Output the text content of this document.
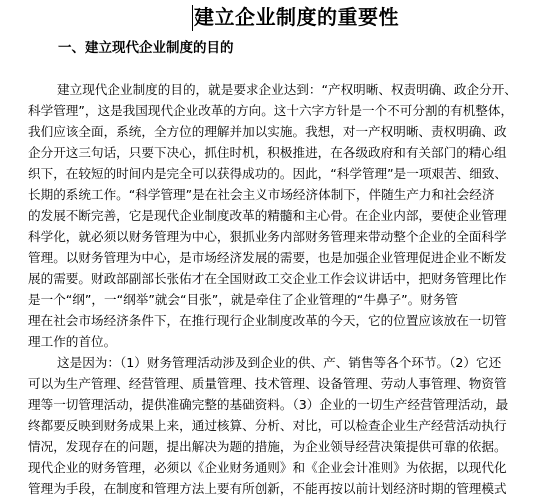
建立企业制度的重要性
一、建立现代企业制度的目的
建立现代企业制度的目的，就是要求企业达到：“产权明晰、权责明确、政企分开、
科学管理”，这是我国现代企业改革的方向。这十六字方针是一个不可分割的有机整体，
我们应该全面，系统，全方位的理解并加以实施。我想，对一产权明晰、责权明确、政
企分开这三句话，只要下决心，抓住时机，积极推进，在各级政府和有关部门的精心组
织下，在较短的时间内是完全可以获得成功的。因此，“科学管理”是一项艰苦、细致、
长期的系统工作。“科学管理”是在社会主义市场经济体制下，伴随生产力和社会经济
的发展不断完善，它是现代企业制度改革的精髓和主心骨。在企业内部，要使企业管理
科学化，就必须以财务管理为中心，狠抓业务内部财务管理来带动整个企业的全面科学
管理。以财务管理为中心，是市场经济发展的需要，也是加强企业管理促进企业不断发
展的需要。财政部副部长张佑才在全国财政工交企业工作会议讲话中，把财务管理比作
是一个“纲”，一“纲举”就会“目张”，就是牵住了企业管理的“牛鼻子”。财务管
理在社会市场经济条件下，在推行现行企业制度改革的今天，它的位置应该放在一切管
理工作的首位。
这是因为：（1）财务管理活动涉及到企业的供、产、销售等各个环节。（2）它还
可以为生产管理、经营管理、质量管理、技术管理、设备管理、劳动人事管理、物资管
理等一切管理活动，提供准确完整的基础资料。（3）企业的一切生产经营管理活动，最
终都要反映到财务成果上来，通过核算、分析、对比，可以检查企业生产经营活动执行
情况，发现存在的问题，提出解决为题的措施，为企业领导经营决策提供可靠的依据。
现代企业的财务管理，必须以《企业财务通则》和《企业会计准则》为依据，以现代化
管理为手段，在制度和管理方法上要有所创新，不能再按以前计划经济时期的管理模式
